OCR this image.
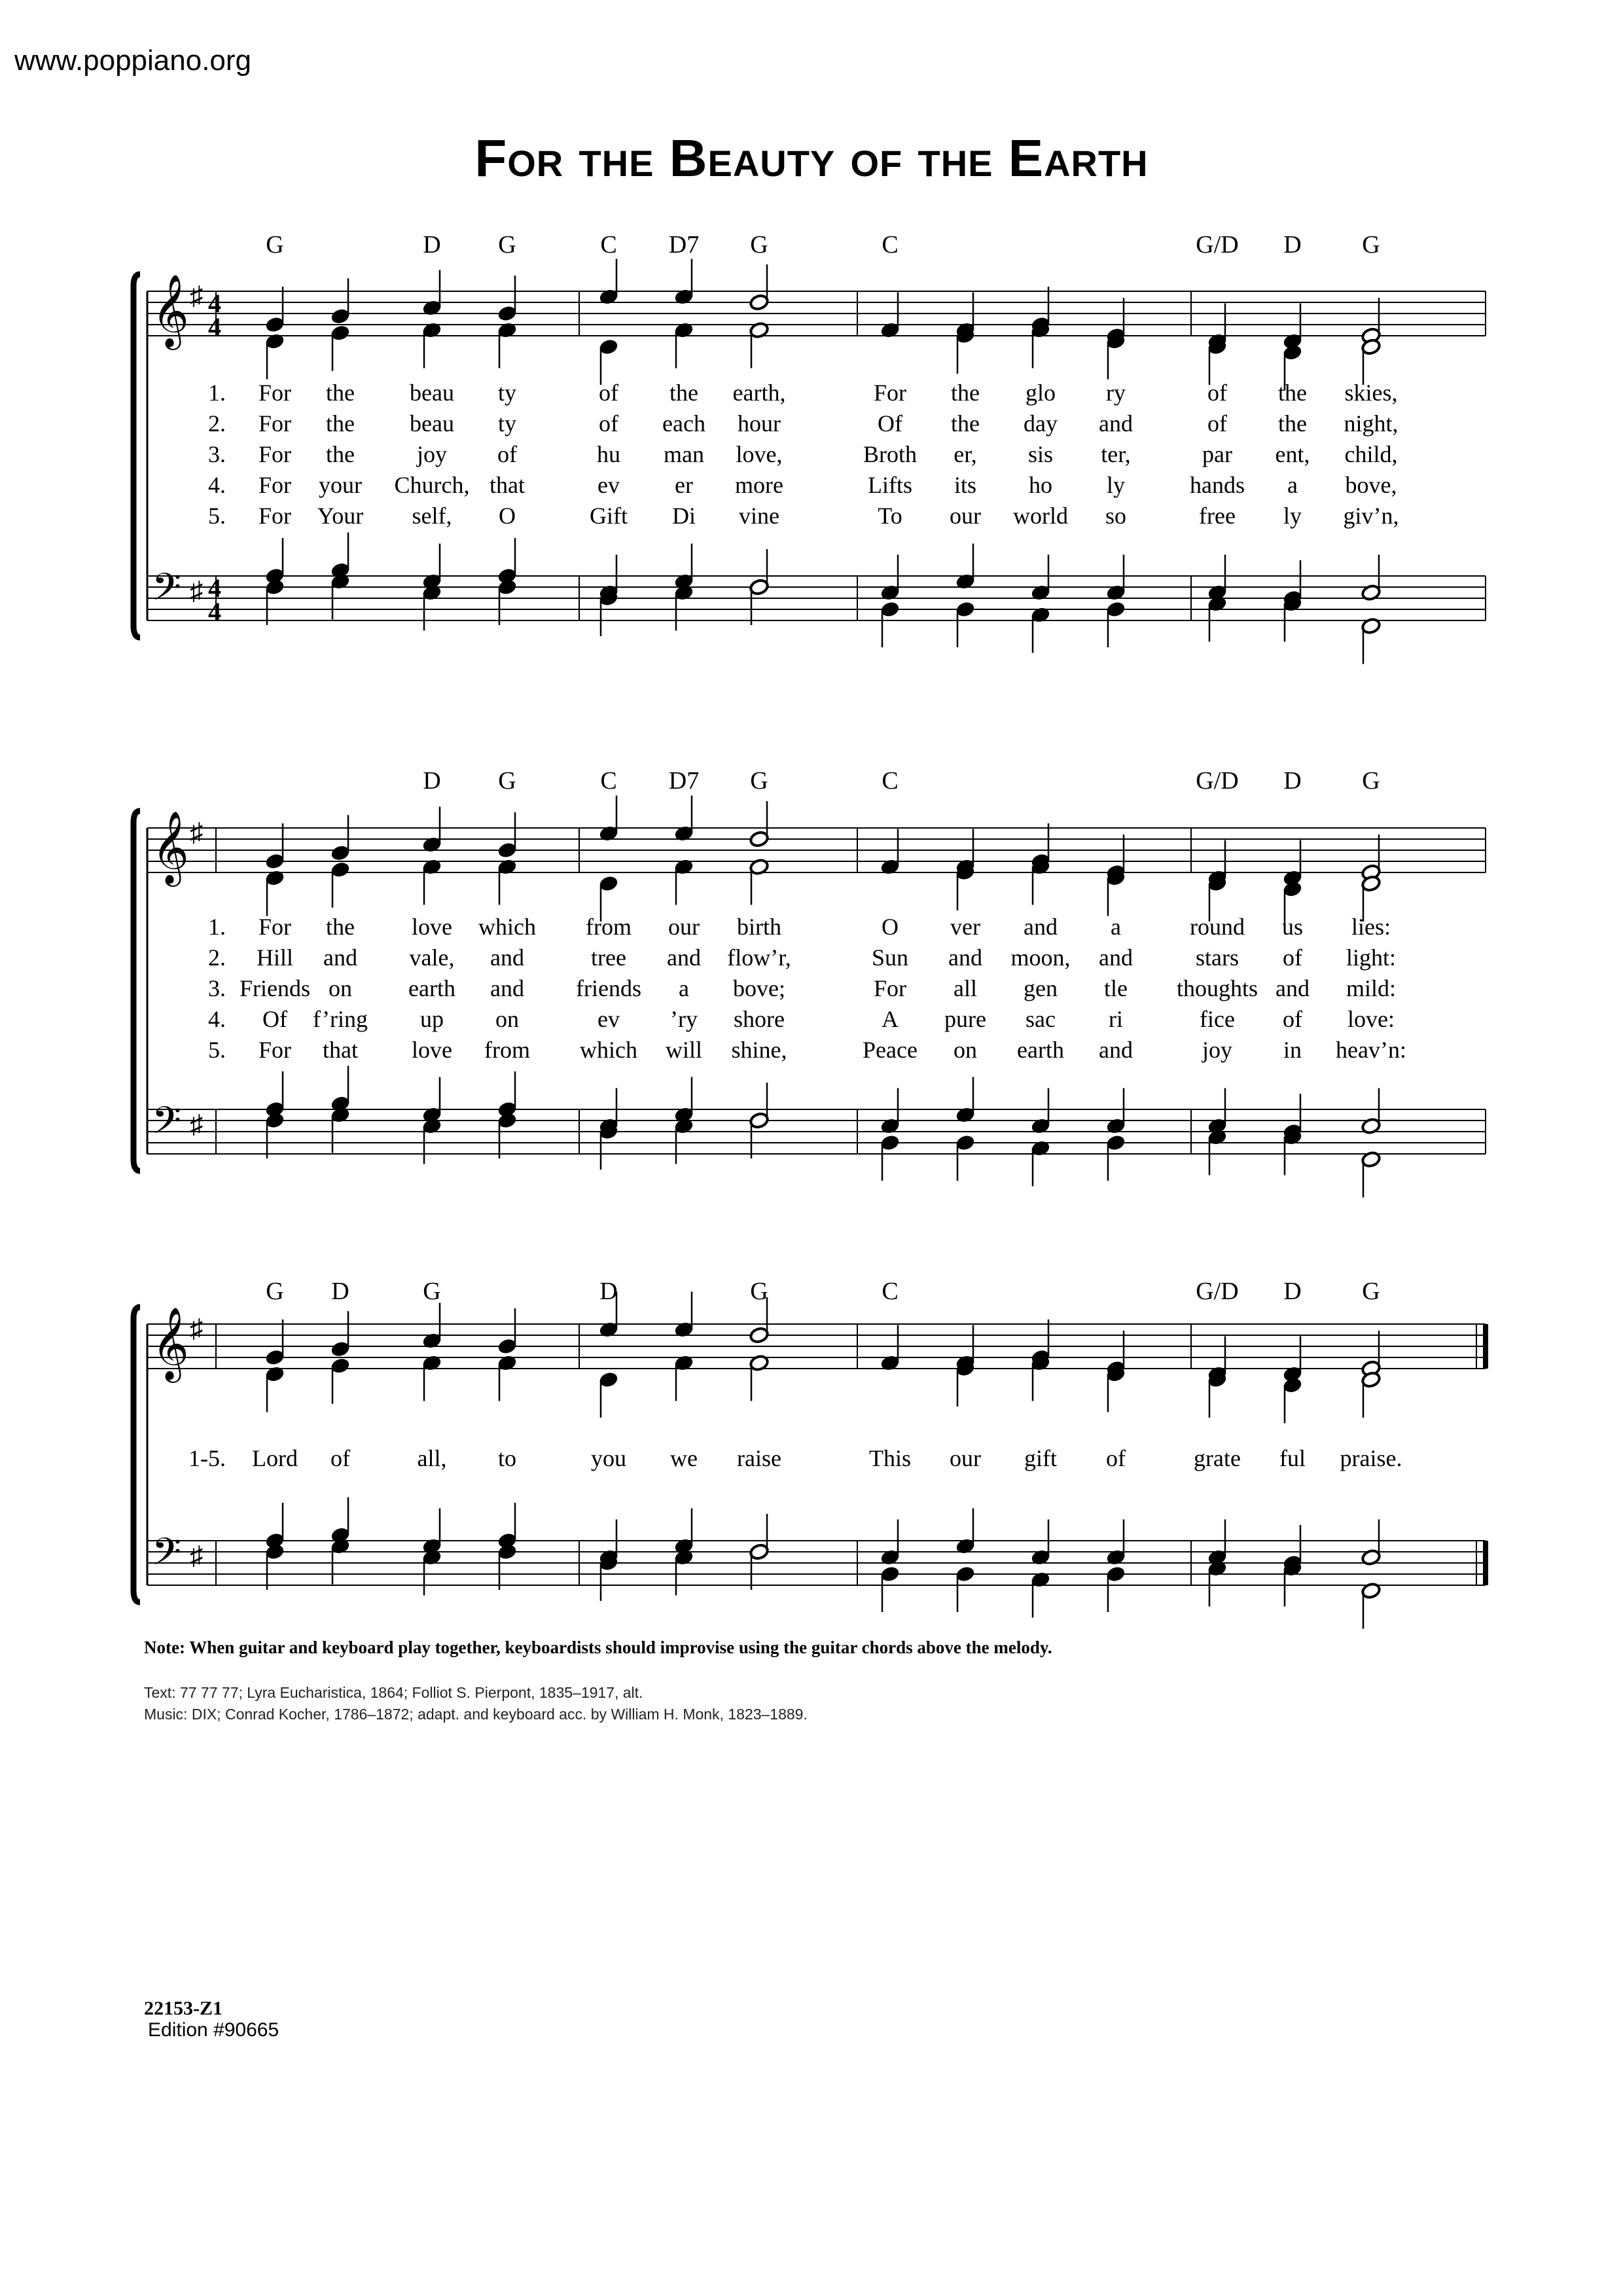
www.poppiano.org
For the Beauty of the Earth
𝄞 ♯ 4
4
𝄢 ♯ 4
4
G	D G	C D7 G	C	G/D D G
1. For the beau ty	of the earth,	For the glo ry	of the skies,
2. For the beau ty	of each hour	Of the day and	of the night,
3. For the	joy of	hu man love,	Broth er, sis ter,	par ent, child,
4. For your Church, that	ev er more	Lifts its ho ly	hands a bove,
5. For Your self, O	Gift Di vine	To our world so	free ly giv’n,
𝄞 ♯
𝄢 ♯
D G	C D7 G	C	G/D D G
1. For the love which from our birth	O ver and a	round us lies:
2. Hill and vale, and	tree and flow’r,	Sun and moon, and	stars of light:
3. Friends on earth and friends a bove;	For all gen tle thoughts and mild:
4. Of f’ring up on	ev ’ry shore	A pure sac ri	fice of love:
5. For that love from which will shine,	Peace on earth and	joy in heav’n:
𝄞 ♯
𝄢 ♯
G D	G	D	G	C	G/D D G
1-5. Lord of	all, to	you we raise	This our gift of	grate ful praise.
Note: When guitar and keyboard play together, keyboardists should improvise using the guitar chords above the melody.
Text: 77 77 77; Lyra Eucharistica, 1864; Folliot S. Pierpont, 1835–1917, alt.
Music: DIX; Conrad Kocher, 1786–1872; adapt. and keyboard acc. by William H. Monk, 1823–1889.
22153-Z1
Edition #90665
